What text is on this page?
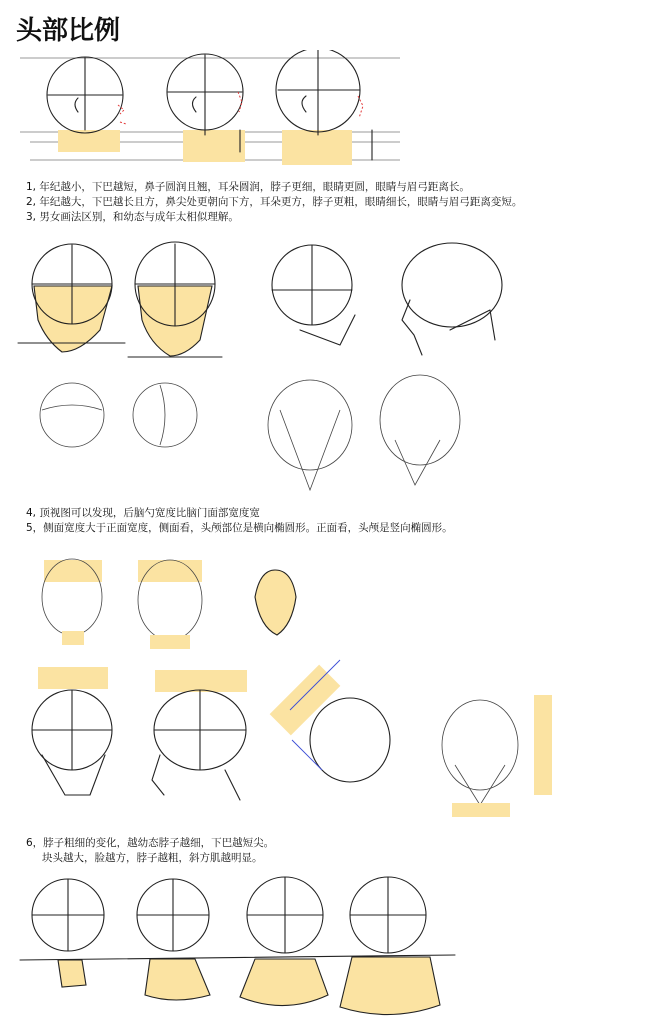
头部比例
1, 年纪越小，下巴越短，鼻子圆润且翘，耳朵圆润，脖子更细，眼睛更圆，眼睛与眉弓距离长。
2, 年纪越大，下巴越长且方，鼻尖处更朝向下方，耳朵更方，脖子更粗，眼睛细长，眼睛与眉弓距离变短。
3, 男女画法区别，和幼态与成年太相似理解。
4, 顶视图可以发现，后脑勺宽度比脑门面部宽度宽
5，侧面宽度大于正面宽度，侧面看，头颅部位是横向椭圆形。正面看，头颅是竖向椭圆形。
6，脖子粗细的变化，越幼态脖子越细，下巴越短尖。
块头越大，脸越方，脖子越粗，斜方肌越明显。
